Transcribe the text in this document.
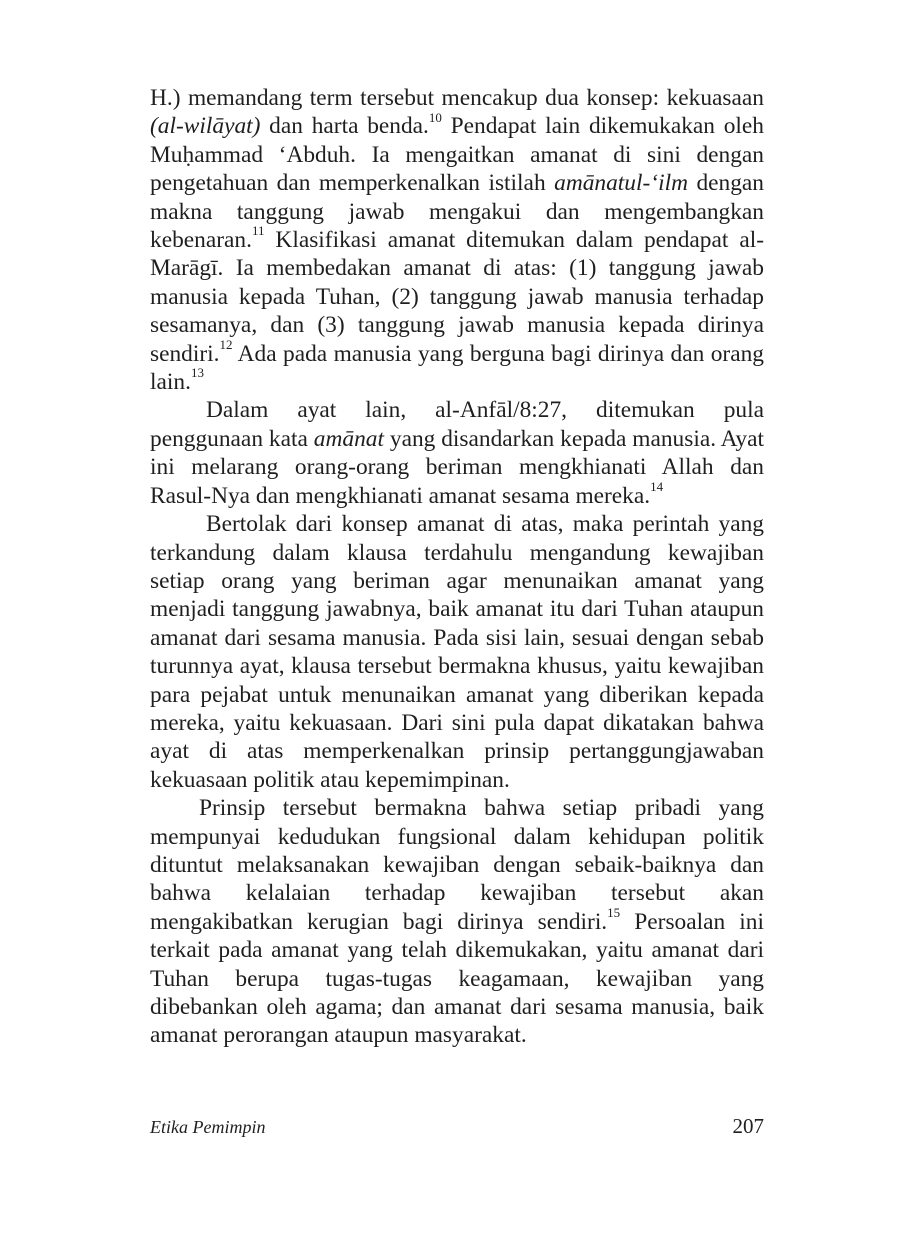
H.) memandang term tersebut mencakup dua konsep: kekuasaan (al-wilāyat) dan harta benda.$^{10}$ Pendapat lain dikemukakan oleh Muḥammad ‘Abduh. Ia mengaitkan amanat di sini dengan pengetahuan dan memperkenalkan istilah amānatul-‘ilm dengan makna tanggung jawab mengakui dan mengembangkan kebenaran.$^{11}$ Klasifikasi amanat ditemukan dalam pendapat al-Marāgī. Ia membedakan amanat di atas: (1) tanggung jawab manusia kepada Tuhan, (2) tanggung jawab manusia terhadap sesamanya, dan (3) tanggung jawab manusia kepada dirinya sendiri.$^{12}$ Ada pada manusia yang berguna bagi dirinya dan orang lain.$^{13}$

Dalam ayat lain, al-Anfāl/8:27, ditemukan pula penggunaan kata amānat yang disandarkan kepada manusia. Ayat ini melarang orang-orang beriman mengkhianati Allah dan Rasul-Nya dan mengkhianati amanat sesama mereka.$^{14}$

Bertolak dari konsep amanat di atas, maka perintah yang terkandung dalam klausa terdahulu mengandung kewajiban setiap orang yang beriman agar menunaikan amanat yang menjadi tanggung jawabnya, baik amanat itu dari Tuhan ataupun amanat dari sesama manusia. Pada sisi lain, sesuai dengan sebab turunnya ayat, klausa tersebut bermakna khusus, yaitu kewajiban para pejabat untuk menunaikan amanat yang diberikan kepada mereka, yaitu kekuasaan. Dari sini pula dapat dikatakan bahwa ayat di atas memperkenalkan prinsip pertanggungjawaban kekuasaan politik atau kepemimpinan.

Prinsip tersebut bermakna bahwa setiap pribadi yang mempunyai kedudukan fungsional dalam kehidupan politik dituntut melaksanakan kewajiban dengan sebaik-baiknya dan bahwa kelalaian terhadap kewajiban tersebut akan mengakibatkan kerugian bagi dirinya sendiri.$^{15}$ Persoalan ini terkait pada amanat yang telah dikemukakan, yaitu amanat dari Tuhan berupa tugas-tugas keagamaan, kewajiban yang dibebankan oleh agama; dan amanat dari sesama manusia, baik amanat perorangan ataupun masyarakat.

Etika Pemimpin	207
